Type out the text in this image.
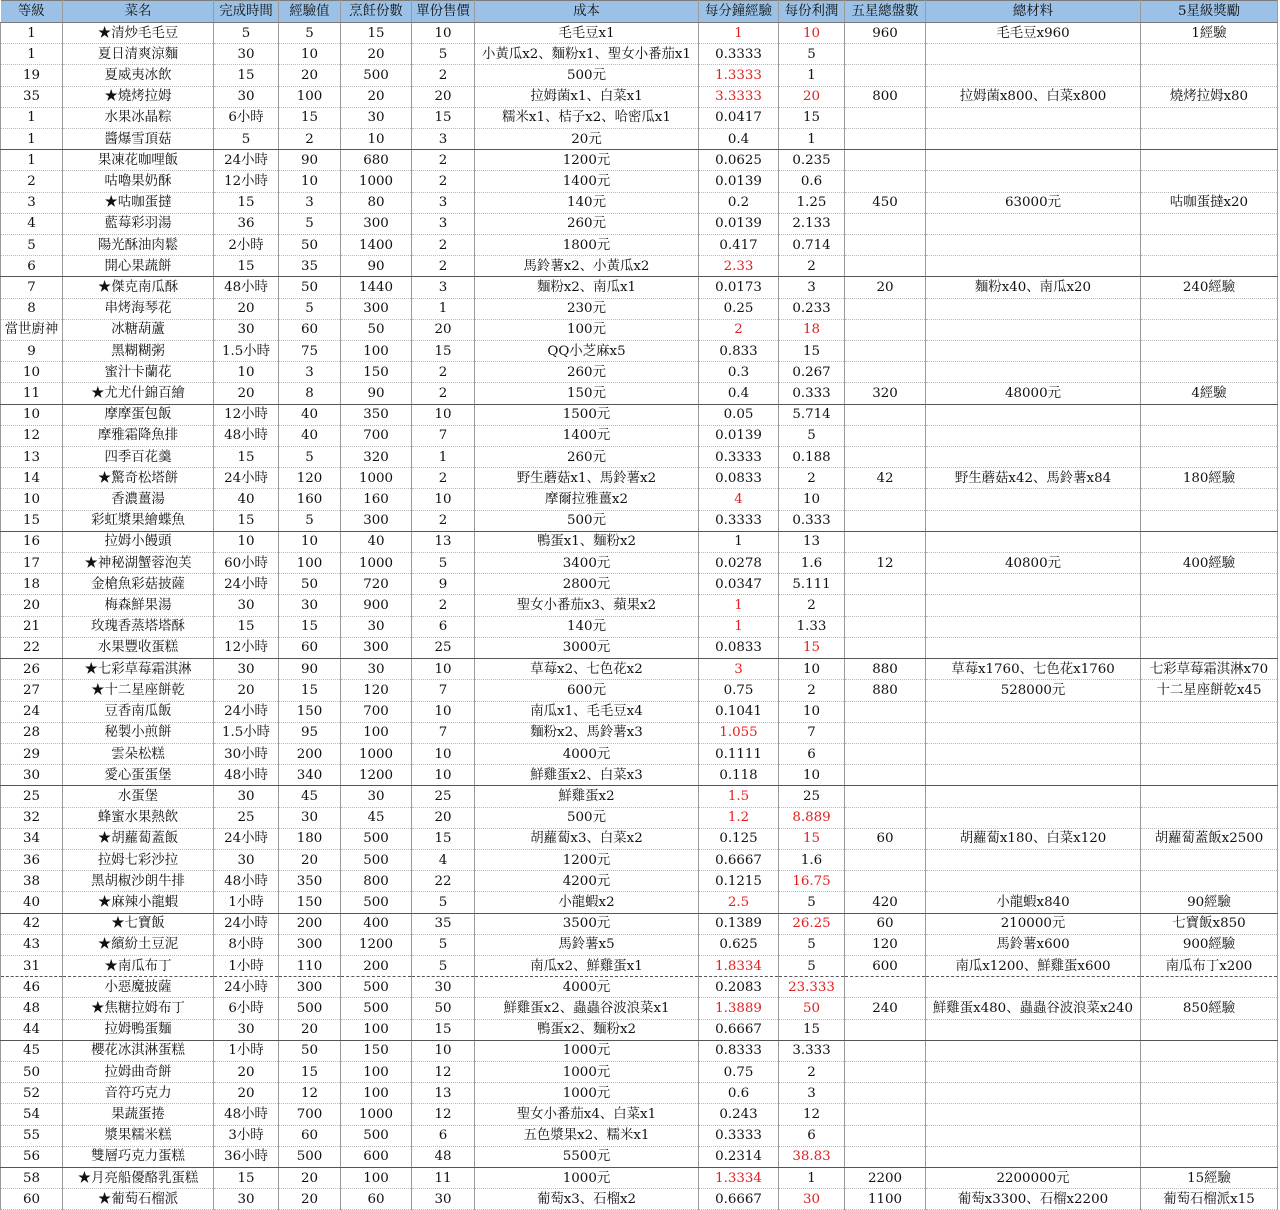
等級	菜名	完成時間	經驗值	烹飪份數	單份售價	成本	每分鐘經驗	每份利潤	五星總盤數	總材料	5星級獎勵
1	★清炒毛毛豆	5	5	15	10	毛毛豆x1	1	10	960	毛毛豆x960	1經驗
1	夏日清爽涼麵	30	10	20	5	小黃瓜x2、麵粉x1、聖女小番茄x1	0.3333	5			
19	夏威夷冰飲	15	20	500	2	500元	1.3333	1			
35	★燒烤拉姆	30	100	20	20	拉姆菌x1、白菜x1	3.3333	20	800	拉姆菌x800、白菜x800	燒烤拉姆x80
1	水果冰晶粽	6小時	15	30	15	糯米x1、桔子x2、哈密瓜x1	0.0417	15			
1	醬爆雪頂菇	5	2	10	3	20元	0.4	1			
1	果凍花咖哩飯	24小時	90	680	2	1200元	0.0625	0.235			
2	咕嚕果奶酥	12小時	10	1000	2	1400元	0.0139	0.6			
3	★咕咖蛋撻	15	3	80	3	140元	0.2	1.25	450	63000元	咕咖蛋撻x20
4	藍莓彩羽湯	36	5	300	3	260元	0.0139	2.133			
5	陽光酥油肉鬆	2小時	50	1400	2	1800元	0.417	0.714			
6	開心果蔬餅	15	35	90	2	馬鈴薯x2、小黃瓜x2	2.33	2			
7	★傑克南瓜酥	48小時	50	1440	3	麵粉x2、南瓜x1	0.0173	3	20	麵粉x40、南瓜x20	240經驗
8	串烤海琴花	20	5	300	1	230元	0.25	0.233			
當世廚神	冰糖葫蘆	30	60	50	20	100元	2	18			
9	黑糊糊粥	1.5小時	75	100	15	QQ小芝麻x5	0.833	15			
10	蜜汁卡蘭花	10	3	150	2	260元	0.3	0.267			
11	★尤尤什錦百繪	20	8	90	2	150元	0.4	0.333	320	48000元	4經驗
10	摩摩蛋包飯	12小時	40	350	10	1500元	0.05	5.714			
12	摩雅霜降魚排	48小時	40	700	7	1400元	0.0139	5			
13	四季百花羹	15	5	320	1	260元	0.3333	0.188			
14	★驚奇松塔餅	24小時	120	1000	2	野生蘑菇x1、馬鈴薯x2	0.0833	2	42	野生蘑菇x42、馬鈴薯x84	180經驗
10	香濃薑湯	40	160	160	10	摩爾拉雅薑x2	4	10			
15	彩虹漿果繪蝶魚	15	5	300	2	500元	0.3333	0.333			
16	拉姆小饅頭	10	10	40	13	鴨蛋x1、麵粉x2	1	13			
17	★神秘湖蟹蓉泡芙	60小時	100	1000	5	3400元	0.0278	1.6	12	40800元	400經驗
18	金槍魚彩菇披薩	24小時	50	720	9	2800元	0.0347	5.111			
20	梅森鮮果湯	30	30	900	2	聖女小番茄x3、蘋果x2	1	2			
21	玫瑰香蒸塔塔酥	15	15	30	6	140元	1	1.33			
22	水果豐收蛋糕	12小時	60	300	25	3000元	0.0833	15			
26	★七彩草莓霜淇淋	30	90	30	10	草莓x2、七色花x2	3	10	880	草莓x1760、七色花x1760	七彩草莓霜淇淋x70
27	★十二星座餅乾	20	15	120	7	600元	0.75	2	880	528000元	十二星座餅乾x45
24	豆香南瓜飯	24小時	150	700	10	南瓜x1、毛毛豆x4	0.1041	10			
28	秘製小煎餅	1.5小時	95	100	7	麵粉x2、馬鈴薯x3	1.055	7			
29	雲朵松糕	30小時	200	1000	10	4000元	0.1111	6			
30	愛心蛋蛋堡	48小時	340	1200	10	鮮雞蛋x2、白菜x3	0.118	10			
25	水蛋堡	30	45	30	25	鮮雞蛋x2	1.5	25			
32	蜂蜜水果熱飲	25	30	45	20	500元	1.2	8.889			
34	★胡蘿蔔蓋飯	24小時	180	500	15	胡蘿蔔x3、白菜x2	0.125	15	60	胡蘿蔔x180、白菜x120	胡蘿蔔蓋飯x2500
36	拉姆七彩沙拉	30	20	500	4	1200元	0.6667	1.6			
38	黑胡椒沙朗牛排	48小時	350	800	22	4200元	0.1215	16.75			
40	★麻辣小龍蝦	1小時	150	500	5	小龍蝦x2	2.5	5	420	小龍蝦x840	90經驗
42	★七寶飯	24小時	200	400	35	3500元	0.1389	26.25	60	210000元	七寶飯x850
43	★繽紛土豆泥	8小時	300	1200	5	馬鈴薯x5	0.625	5	120	馬鈴薯x600	900經驗
31	★南瓜布丁	1小時	110	200	5	南瓜x2、鮮雞蛋x1	1.8334	5	600	南瓜x1200、鮮雞蛋x600	南瓜布丁x200
46	小惡魔披薩	24小時	300	500	30	4000元	0.2083	23.333			
48	★焦糖拉姆布丁	6小時	500	500	50	鮮雞蛋x2、蟲蟲谷波浪菜x1	1.3889	50	240	鮮雞蛋x480、蟲蟲谷波浪菜x240	850經驗
44	拉姆鴨蛋麵	30	20	100	15	鴨蛋x2、麵粉x2	0.6667	15			
45	櫻花冰淇淋蛋糕	1小時	50	150	10	1000元	0.8333	3.333			
50	拉姆曲奇餅	20	15	100	12	1000元	0.75	2			
52	音符巧克力	20	12	100	13	1000元	0.6	3			
54	果蔬蛋捲	48小時	700	1000	12	聖女小番茄x4、白菜x1	0.243	12			
55	漿果糯米糕	3小時	60	500	6	五色漿果x2、糯米x1	0.3333	6			
56	雙層巧克力蛋糕	36小時	500	600	48	5500元	0.2314	38.83			
58	★月亮船優酪乳蛋糕	15	20	100	11	1000元	1.3334	1	2200	2200000元	15經驗
60	★葡萄石榴派	30	20	60	30	葡萄x3、石榴x2	0.6667	30	1100	葡萄x3300、石榴x2200	葡萄石榴派x15
